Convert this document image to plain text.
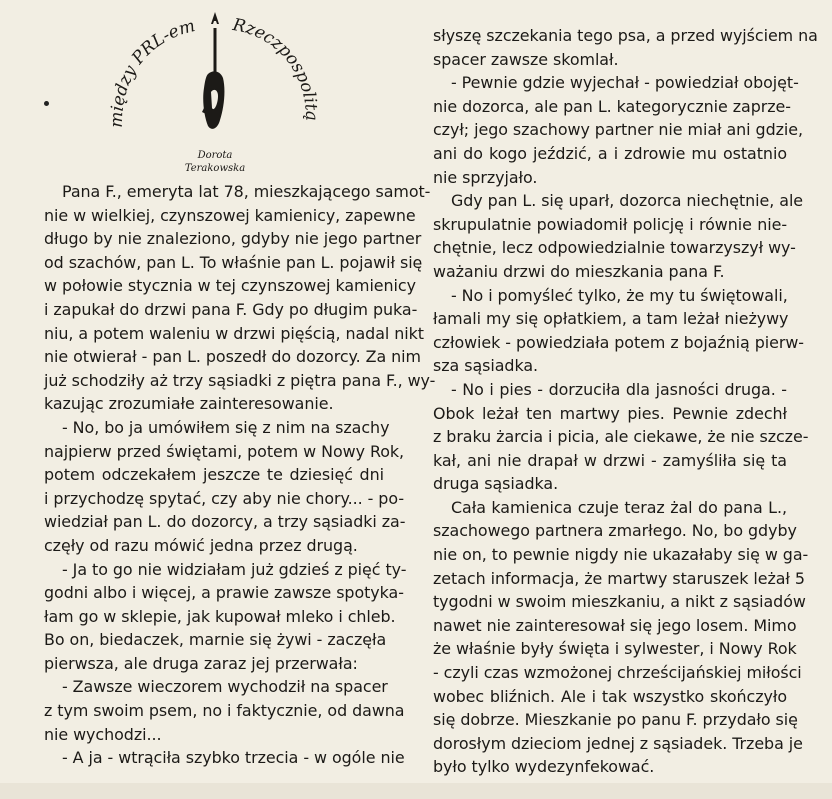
między PRL-em Rzeczpospolitą
Dorota
Terakowska
Pana F., emeryta lat 78, mieszkającego samot-
nie w wielkiej, czynszowej kamienicy, zapewne
długo by nie znaleziono, gdyby nie jego partner
od szachów, pan L. To właśnie pan L. pojawił się
w połowie stycznia w tej czynszowej kamienicy
i zapukał do drzwi pana F. Gdy po długim puka-
niu, a potem waleniu w drzwi pięścią, nadal nikt
nie otwierał - pan L. poszedł do dozorcy. Za nim
już schodziły aż trzy sąsiadki z piętra pana F., wy-
kazując zrozumiałe zainteresowanie.
- No, bo ja umówiłem się z nim na szachy
najpierw przed świętami, potem w Nowy Rok,
potem odczekałem jeszcze te dziesięć dni
i przychodzę spytać, czy aby nie chory... - po-
wiedział pan L. do dozorcy, a trzy sąsiadki za-
częły od razu mówić jedna przez drugą.
- Ja to go nie widziałam już gdzieś z pięć ty-
godni albo i więcej, a prawie zawsze spotyka-
łam go w sklepie, jak kupował mleko i chleb.
Bo on, biedaczek, marnie się żywi - zaczęła
pierwsza, ale druga zaraz jej przerwała:
- Zawsze wieczorem wychodził na spacer
z tym swoim psem, no i faktycznie, od dawna
nie wychodzi...
- A ja - wtrąciła szybko trzecia - w ogóle nie
słyszę szczekania tego psa, a przed wyjściem na
spacer zawsze skomlał.
- Pewnie gdzie wyjechał - powiedział obojęt-
nie dozorca, ale pan L. kategorycznie zaprze-
czył; jego szachowy partner nie miał ani gdzie,
ani do kogo jeździć, a i zdrowie mu ostatnio
nie sprzyjało.
Gdy pan L. się uparł, dozorca niechętnie, ale
skrupulatnie powiadomił policję i równie nie-
chętnie, lecz odpowiedzialnie towarzyszył wy-
ważaniu drzwi do mieszkania pana F.
- No i pomyśleć tylko, że my tu świętowali,
łamali my się opłatkiem, a tam leżał nieżywy
człowiek - powiedziała potem z bojaźnią pierw-
sza sąsiadka.
- No i pies - dorzuciła dla jasności druga. -
Obok leżał ten martwy pies. Pewnie zdechł
z braku żarcia i picia, ale ciekawe, że nie szcze-
kał, ani nie drapał w drzwi - zamyśliła się ta
druga sąsiadka.
Cała kamienica czuje teraz żal do pana L.,
szachowego partnera zmarłego. No, bo gdyby
nie on, to pewnie nigdy nie ukazałaby się w ga-
zetach informacja, że martwy staruszek leżał 5
tygodni w swoim mieszkaniu, a nikt z sąsiadów
nawet nie zainteresował się jego losem. Mimo
że właśnie były święta i sylwester, i Nowy Rok
- czyli czas wzmożonej chrześcijańskiej miłości
wobec bliźnich. Ale i tak wszystko skończyło
się dobrze. Mieszkanie po panu F. przydało się
dorosłym dzieciom jednej z sąsiadek. Trzeba je
było tylko wydezynfekować.
